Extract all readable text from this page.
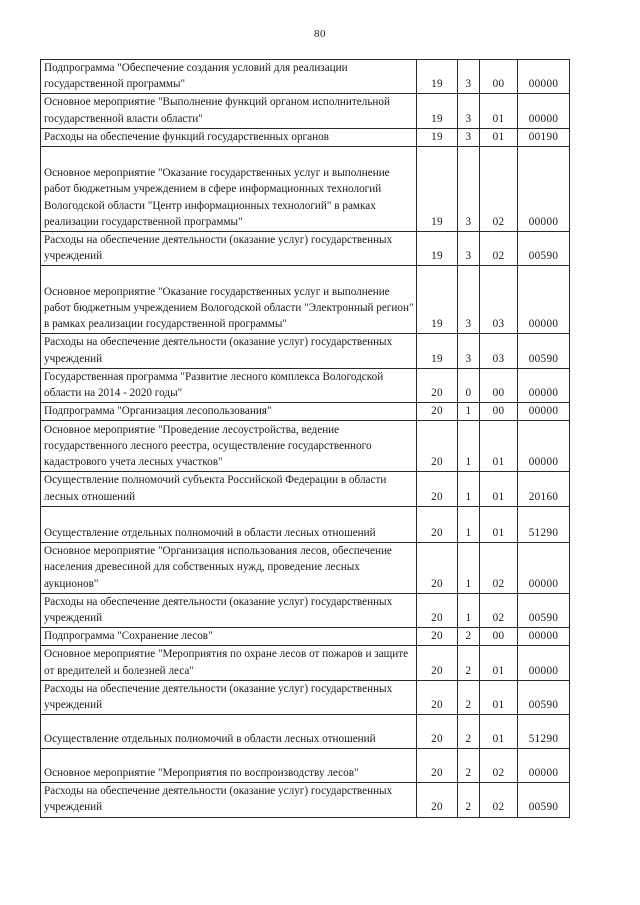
80
Подпрограмма "Обеспечение создания условий для реализации государственной программы"	19	3	00	00000
Основное мероприятие "Выполнение функций органом исполнительной государственной власти области"	19	3	01	00000
Расходы на обеспечение функций государственных органов	19	3	01	00190
Основное мероприятие "Оказание государственных услуг и выполнение работ бюджетным учреждением в сфере информационных технологий Вологодской области "Центр информационных технологий" в рамках реализации государственной программы"	19	3	02	00000
Расходы на обеспечение деятельности (оказание услуг) государственных учреждений	19	3	02	00590
Основное мероприятие "Оказание государственных услуг и выполнение работ бюджетным учреждением Вологодской области "Электронный регион" в рамках реализации государственной программы"	19	3	03	00000
Расходы на обеспечение деятельности (оказание услуг) государственных учреждений	19	3	03	00590
Государственная программа "Развитие лесного комплекса Вологодской области на 2014 - 2020 годы"	20	0	00	00000
Подпрограмма "Организация лесопользования"	20	1	00	00000
Основное мероприятие "Проведение лесоустройства, ведение государственного лесного реестра, осуществление государственного кадастрового учета лесных участков"	20	1	01	00000
Осуществление полномочий субъекта Российской Федерации в области лесных отношений	20	1	01	20160
Осуществление отдельных полномочий в области лесных отношений	20	1	01	51290
Основное мероприятие "Организация использования лесов, обеспечение населения древесиной для собственных нужд, проведение лесных аукционов"	20	1	02	00000
Расходы на обеспечение деятельности (оказание услуг) государственных учреждений	20	1	02	00590
Подпрограмма "Сохранение лесов"	20	2	00	00000
Основное мероприятие "Мероприятия по охране лесов от пожаров и защите от вредителей и болезней леса"	20	2	01	00000
Расходы на обеспечение деятельности (оказание услуг) государственных учреждений	20	2	01	00590
Осуществление отдельных полномочий в области лесных отношений	20	2	01	51290
Основное мероприятие "Мероприятия по воспроизводству лесов"	20	2	02	00000
Расходы на обеспечение деятельности (оказание услуг) государственных учреждений	20	2	02	00590
